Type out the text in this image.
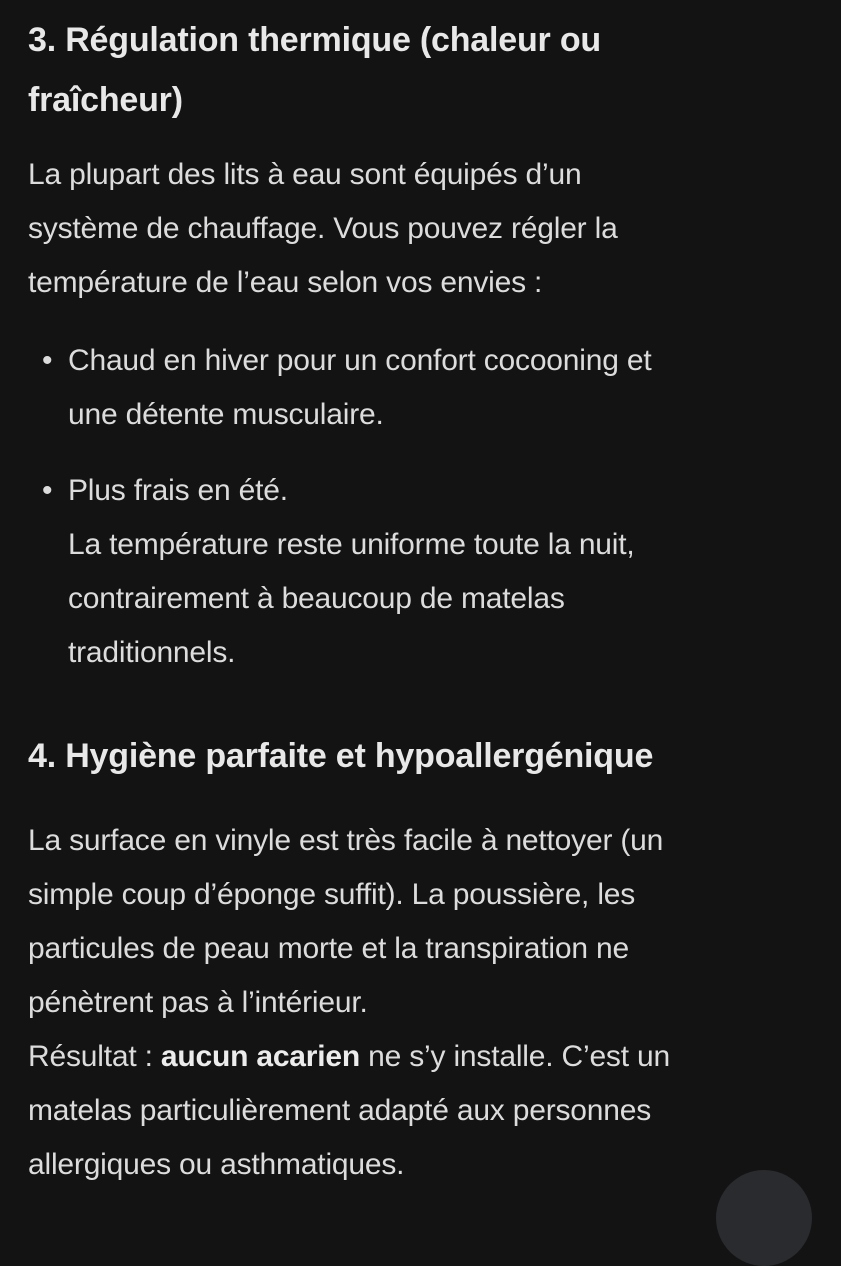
3. Régulation thermique (chaleur ou
fraîcheur)

La plupart des lits à eau sont équipés d’un
système de chauffage. Vous pouvez régler la
température de l’eau selon vos envies :

• Chaud en hiver pour un confort cocooning et
une détente musculaire.
• Plus frais en été.
La température reste uniforme toute la nuit,
contrairement à beaucoup de matelas
traditionnels.
4. Hygiène parfaite et hypoallergénique

La surface en vinyle est très facile à nettoyer (un
simple coup d’éponge suffit). La poussière, les
particules de peau morte et la transpiration ne
pénètrent pas à l’intérieur.
Résultat : aucun acarien ne s’y installe. C’est un
matelas particulièrement adapté aux personnes
allergiques ou asthmatiques.
